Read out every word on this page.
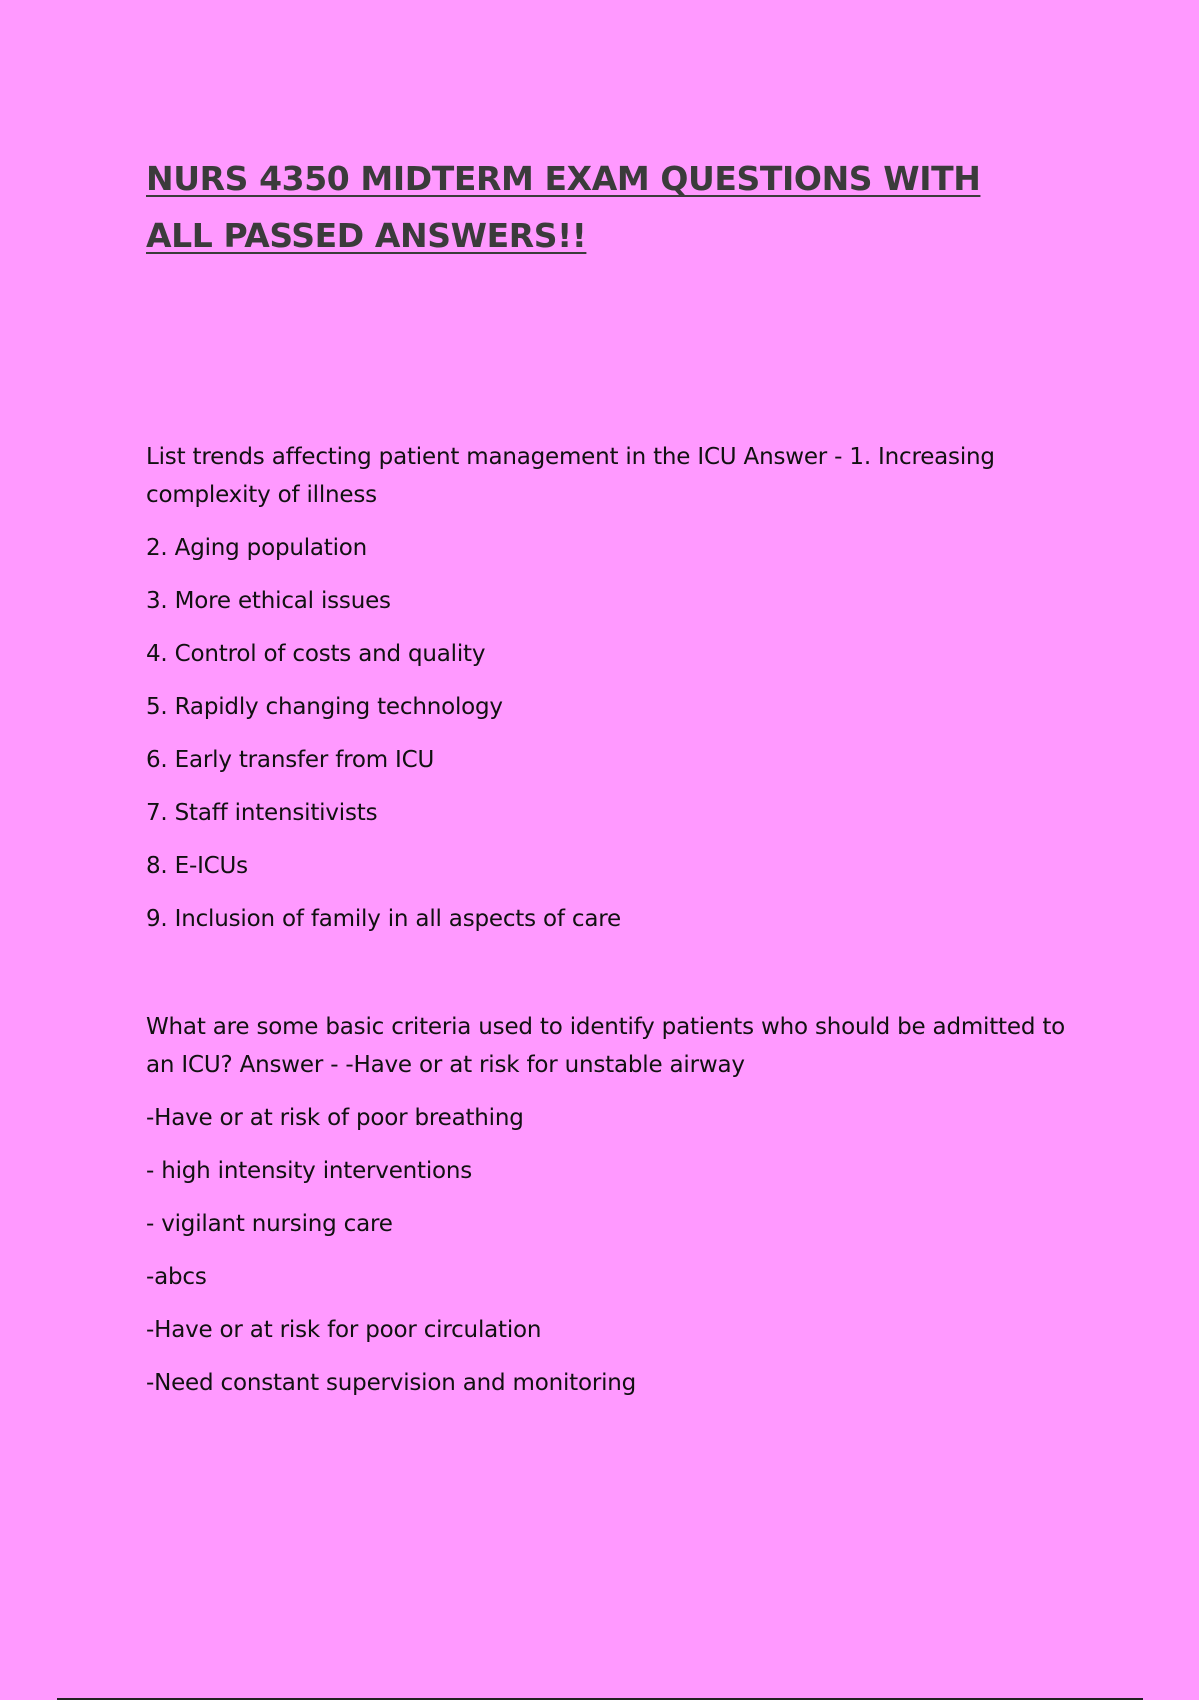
NURS 4350 MIDTERM EXAM QUESTIONS WITH
ALL PASSED ANSWERS!!

List trends affecting patient management in the ICU Answer - 1. Increasing complexity of illness

2. Aging population

3. More ethical issues

4. Control of costs and quality

5. Rapidly changing technology

6. Early transfer from ICU

7. Staff intensitivists

8. E-ICUs

9. Inclusion of family in all aspects of care

What are some basic criteria used to identify patients who should be admitted to an ICU? Answer - -Have or at risk for unstable airway

-Have or at risk of poor breathing

- high intensity interventions

- vigilant nursing care

-abcs

-Have or at risk for poor circulation

-Need constant supervision and monitoring
